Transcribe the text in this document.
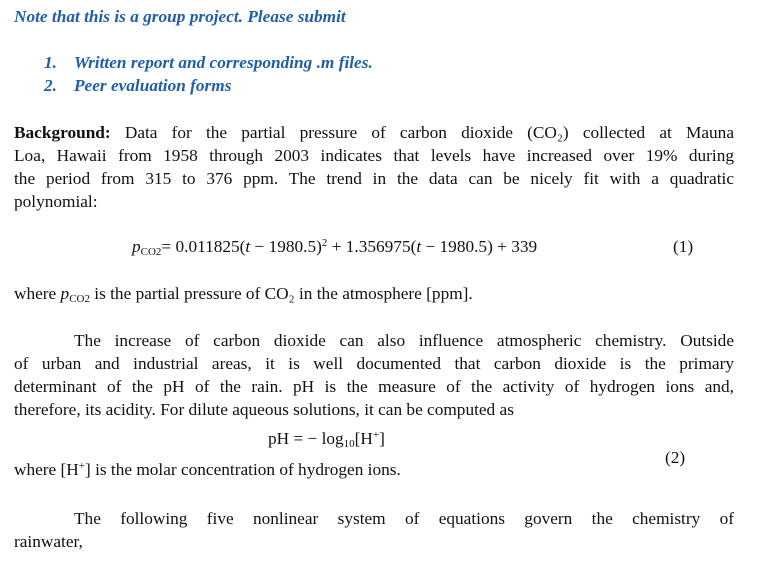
Note that this is a group project. Please submit
1. Written report and corresponding .m files.
2. Peer evaluation forms
Background: Data for the partial pressure of carbon dioxide (CO₂) collected at Mauna
Loa, Hawaii from 1958 through 2003 indicates that levels have increased over 19% during
the period from 315 to 376 ppm. The trend in the data can be nicely fit with a quadratic
polynomial:
$p_{CO2}= 0.011825(t - 1980.5)^2 + 1.356975(t - 1980.5) + 339$	(1)
where $p_{CO2}$ is the partial pressure of CO₂ in the atmosphere [ppm].
The increase of carbon dioxide can also influence atmospheric chemistry. Outside
of urban and industrial areas, it is well documented that carbon dioxide is the primary
determinant of the pH of the rain. pH is the measure of the activity of hydrogen ions and,
therefore, its acidity. For dilute aqueous solutions, it can be computed as
pH = − $\log_{10}[H^+]$
(2)
where [H+] is the molar concentration of hydrogen ions.
The following five nonlinear system of equations govern the chemistry of
rainwater,
